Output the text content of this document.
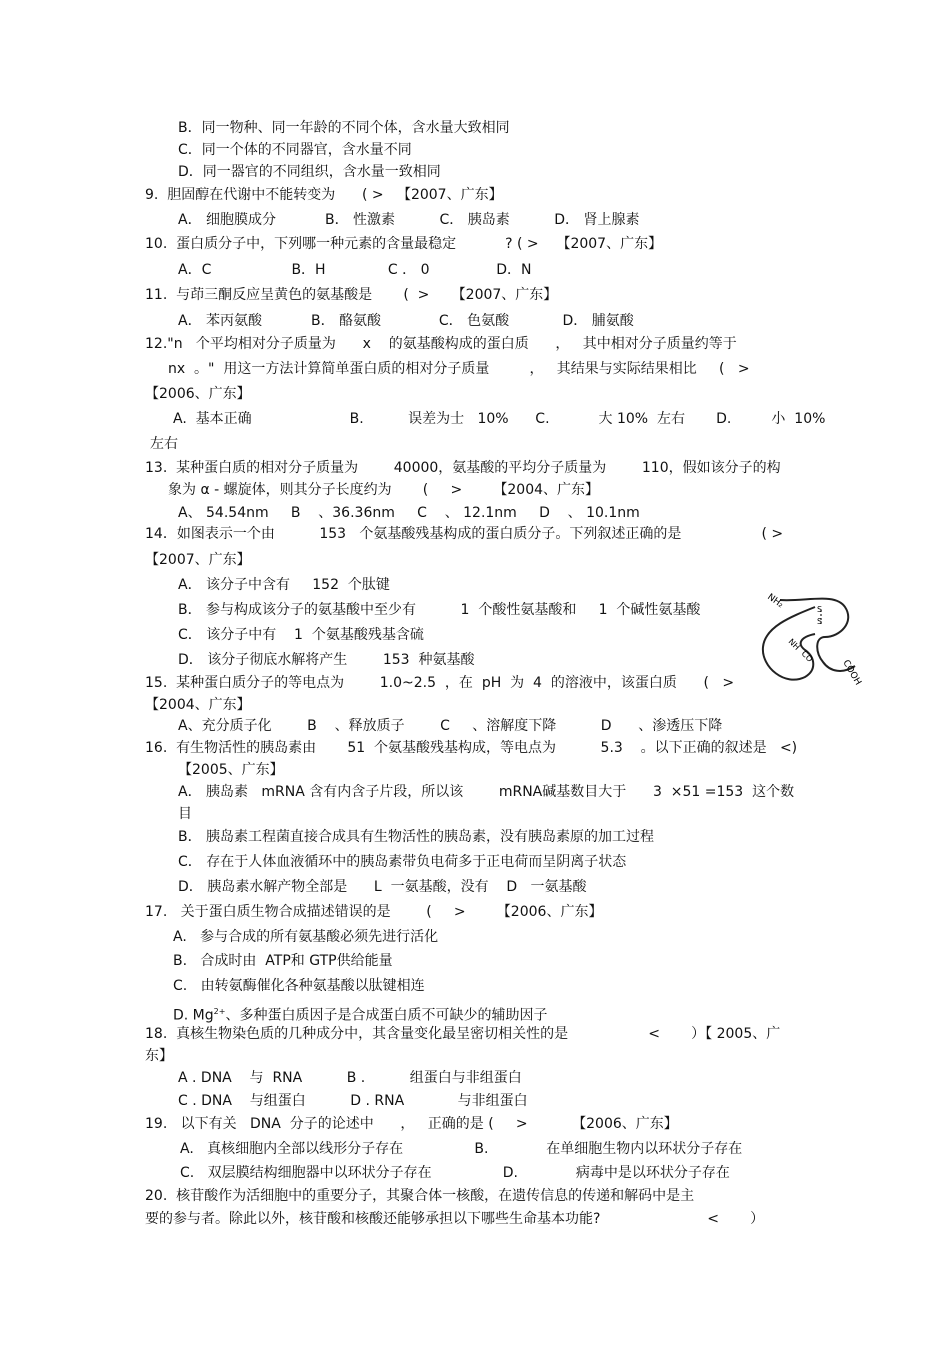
B．同一物种、同一年龄的不同个体，含水量大致相同
C．同一个体的不同器官，含水量不同
D．同一器官的不同组织，含水量一致相同
9.  胆固醇在代谢中不能转变为      ( >   【2007、广东】
A． 细胞膜成分           B． 性激素          C． 胰岛素          D． 肾上腺素
10.  蛋白质分子中，下列哪一种元素的含量最稳定           ? ( >    【2007、广东】
A．C                  B．H              C ． 0               D．N
11.  与茚三酮反应呈黄色的氨基酸是       (  >     【2007、广东】
A． 苯丙氨酸           B． 酪氨酸             C． 色氨酸            D． 脯氨酸
12."n   个平均相对分子质量为      x    的氨基酸构成的蛋白质      ，   其中相对分子质量约等于
nx  。"  用这一方法计算简单蛋白质的相对分子质量         ，   其结果与实际结果相比     (   >
【2006、广东】
A.  基本正确                      B.          误差为士   10%      C.           大 10%  左右       D.         小  10%
左右
13.  某种蛋白质的相对分子质量为        40000，氨基酸的平均分子质量为        110，假如该分子的构
象为 α - 螺旋体，则其分子长度约为       (     >       【2004、广东】
A、 54.54nm     B    、36.36nm     C    、 12.1nm     D    、 10.1nm
14．如图表示一个由          153   个氨基酸残基构成的蛋白质分子。下列叙述正确的是                  ( >
【2007、广东】
A． 该分子中含有     152  个肽键
B． 参与构成该分子的氨基酸中至少有          1  个酸性氨基酸和     1  个碱性氨基酸
C． 该分子中有    1  个氨基酸残基含硫
D． 该分子彻底水解将产生        153  种氨基酸
15.  某种蛋白质分子的等电点为        1.0~2.5  ，在  pH  为  4  的溶液中，该蛋白质      (   >
【2004、广东】
A、充分质子化        B    、释放质子        C     、溶解度下降          D      、渗透压下降
16.  有生物活性的胰岛素由       51  个氨基酸残基构成，等电点为          5.3    。以下正确的叙述是   <)
【2005、广东】
A． 胰岛素   mRNA 含有内含子片段，所以该        mRNA碱基数目大于      3  ×51 =153  这个数
目
B． 胰岛素工程菌直接合成具有生物活性的胰岛素，没有胰岛素原的加工过程
C． 存在于人体血液循环中的胰岛素带负电荷多于正电荷而呈阴离子状态
D． 胰岛素水解产物全部是      L  一氨基酸，没有    D   一氨基酸
17.   关于蛋白质生物合成描述错误的是        (     >       【2006、广东】
A.   参与合成的所有氨基酸必须先进行活化
B.   合成时由  ATP和 GTP供给能量
C.   由转氨酶催化各种氨基酸以肽键相连
D. $Mg^{2+}$、多种蛋白质因子是合成蛋白质不可缺少的辅助因子
18.  真核生物染色质的几种成分中，其含量变化最呈密切相关性的是                  <       ）【 2005、广
东】
A . DNA    与  RNA          B .          组蛋白与非组蛋白
C . DNA    与组蛋白          D . RNA            与非组蛋白
19.   以下有关   DNA  分子的论述中      ，   正确的是 (     >          【2006、广东】
A.   真核细胞内全部以线形分子存在                B.             在单细胞生物内以环状分子存在
C.   双层膜结构细胞器中以环状分子存在                D.             病毒中是以环状分子存在
20.  核苷酸作为活细胞中的重要分子，其聚合体一核酸，在遗传信息的传递和解码中是主
要的参与者。除此以外，核苷酸和核酸还能够承担以下哪些生命基本功能?                        <       ）
NH₂	S
S
NH
CO
COOH
